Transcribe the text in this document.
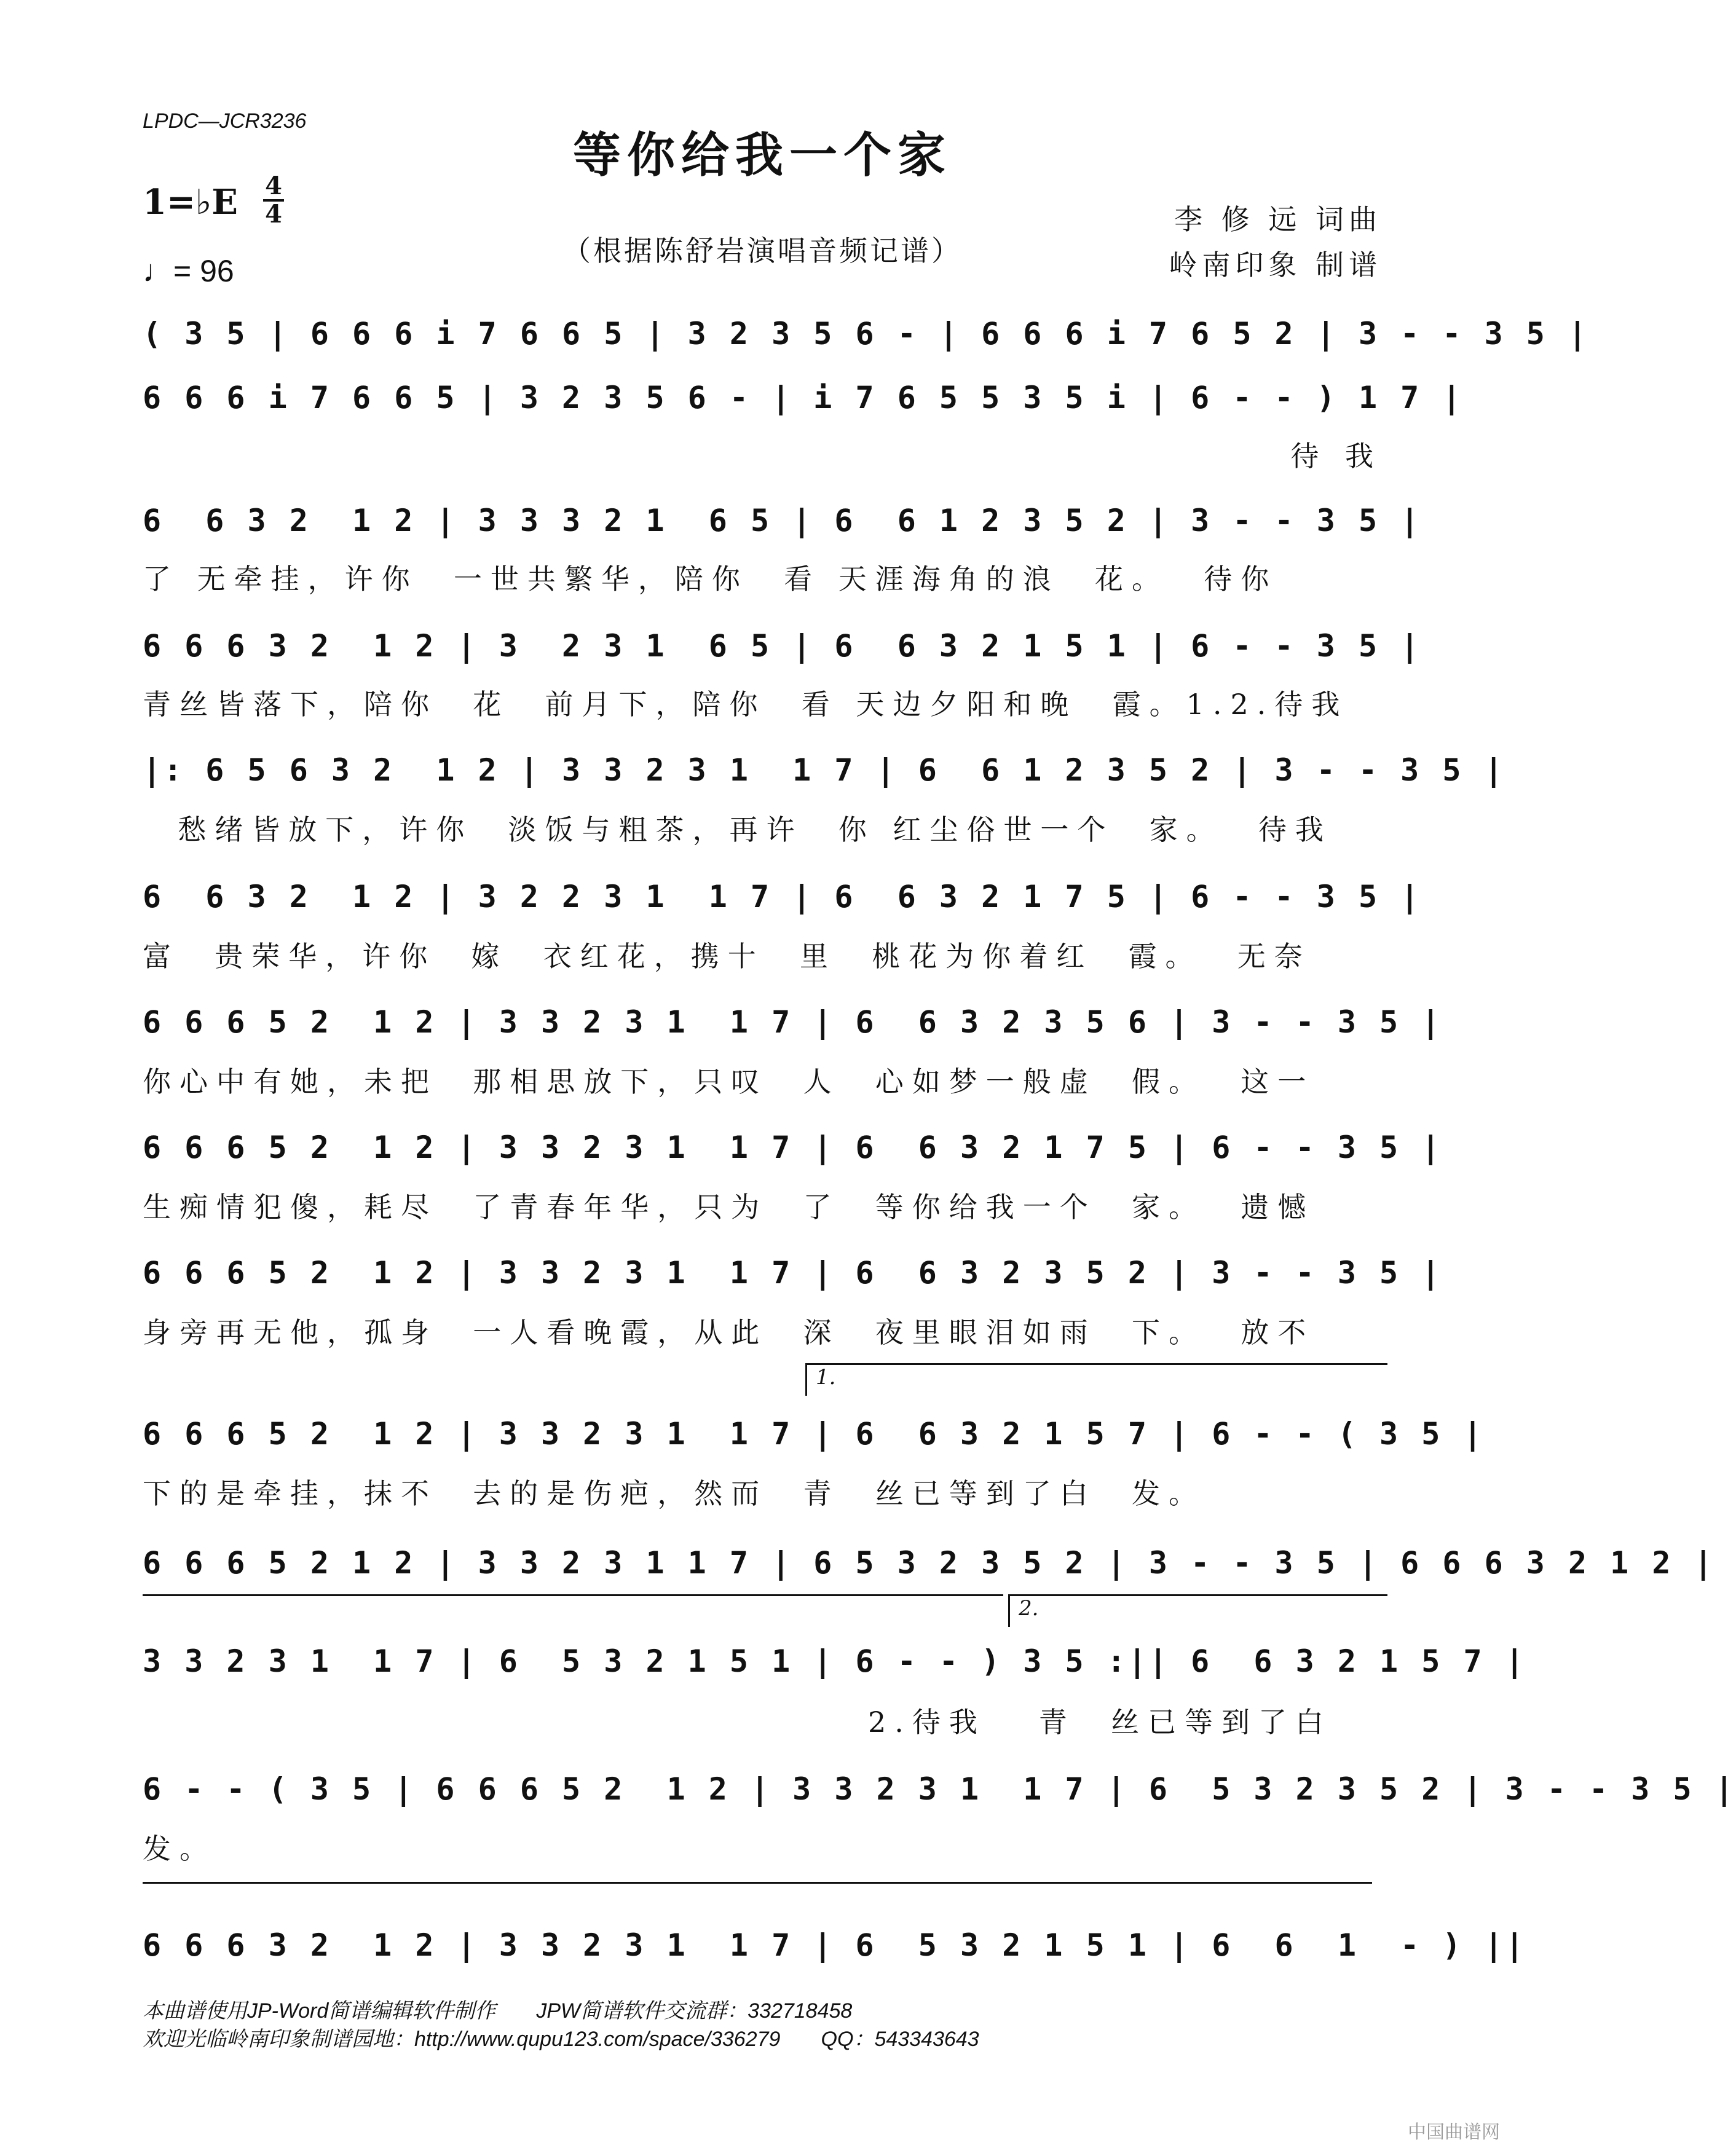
LPDC—JCR3236
等你给我一个家
1=♭E 4
4
（根据陈舒岩演唱音频记谱）
♩= 96
李 修 远 词曲
岭南印象 制谱
( 3 5 | 6 6 6 i 7 6 6 5 | 3 2 3 5 6 - | 6 6 6 i 7 6 5 2 | 3 - - 3 5 |
6 6 6 i 7 6 6 5 | 3 2 3 5 6 - | i 7 6 5 5 3 5 i | 6 - - ) 1 7 |
待 我
6  6 3 2  1 2 | 3 3 3 2 1  6 5 | 6  6 1 2 3 5 2 | 3 - - 3 5 |
了 无牵挂，许你  一世共繁华，陪你  看 天涯海角的浪  花。  待你
6 6 6 3 2  1 2 | 3  2 3 1  6 5 | 6  6 3 2 1 5 1 | 6 - - 3 5 |
青丝皆落下，陪你  花  前月下，陪你  看 天边夕阳和晚  霞。1.2.待我
|: 6 5 6 3 2  1 2 | 3 3 2 3 1  1 7 | 6  6 1 2 3 5 2 | 3 - - 3 5 |
愁绪皆放下，许你  淡饭与粗茶，再许  你 红尘俗世一个  家。  待我
6  6 3 2  1 2 | 3 2 2 3 1  1 7 | 6  6 3 2 1 7 5 | 6 - - 3 5 |
富  贵荣华，许你  嫁  衣红花，携十  里  桃花为你着红  霞。  无奈
6 6 6 5 2  1 2 | 3 3 2 3 1  1 7 | 6  6 3 2 3 5 6 | 3 - - 3 5 |
你心中有她，未把  那相思放下，只叹  人  心如梦一般虚  假。  这一
6 6 6 5 2  1 2 | 3 3 2 3 1  1 7 | 6  6 3 2 1 7 5 | 6 - - 3 5 |
生痴情犯傻，耗尽  了青春年华，只为  了  等你给我一个  家。  遗憾
6 6 6 5 2  1 2 | 3 3 2 3 1  1 7 | 6  6 3 2 3 5 2 | 3 - - 3 5 |
身旁再无他，孤身  一人看晚霞，从此  深  夜里眼泪如雨  下。  放不
1.
6 6 6 5 2  1 2 | 3 3 2 3 1  1 7 | 6  6 3 2 1 5 7 | 6 - - ( 3 5 |
下的是牵挂，抹不  去的是伤疤，然而  青  丝已等到了白  发。
6 6 6 5 2 1 2 | 3 3 2 3 1 1 7 | 6 5 3 2 3 5 2 | 3 - - 3 5 | 6 6 6 3 2 1 2 |
2.
3 3 2 3 1  1 7 | 6  5 3 2 1 5 1 | 6 - - ) 3 5 :|| 6  6 3 2 1 5 7 |
2.待我   青  丝已等到了白
6 - - ( 3 5 | 6 6 6 5 2  1 2 | 3 3 2 3 1  1 7 | 6  5 3 2 3 5 2 | 3 - - 3 5 |
发。
6 6 6 3 2  1 2 | 3 3 2 3 1  1 7 | 6  5 3 2 1 5 1 | 6  6  1  - ) ||
本曲谱使用JP-Word简谱编辑软件制作       JPW简谱软件交流群：332718458
欢迎光临岭南印象制谱园地：http://www.qupu123.com/space/336279       QQ：543343643
中国曲谱网
